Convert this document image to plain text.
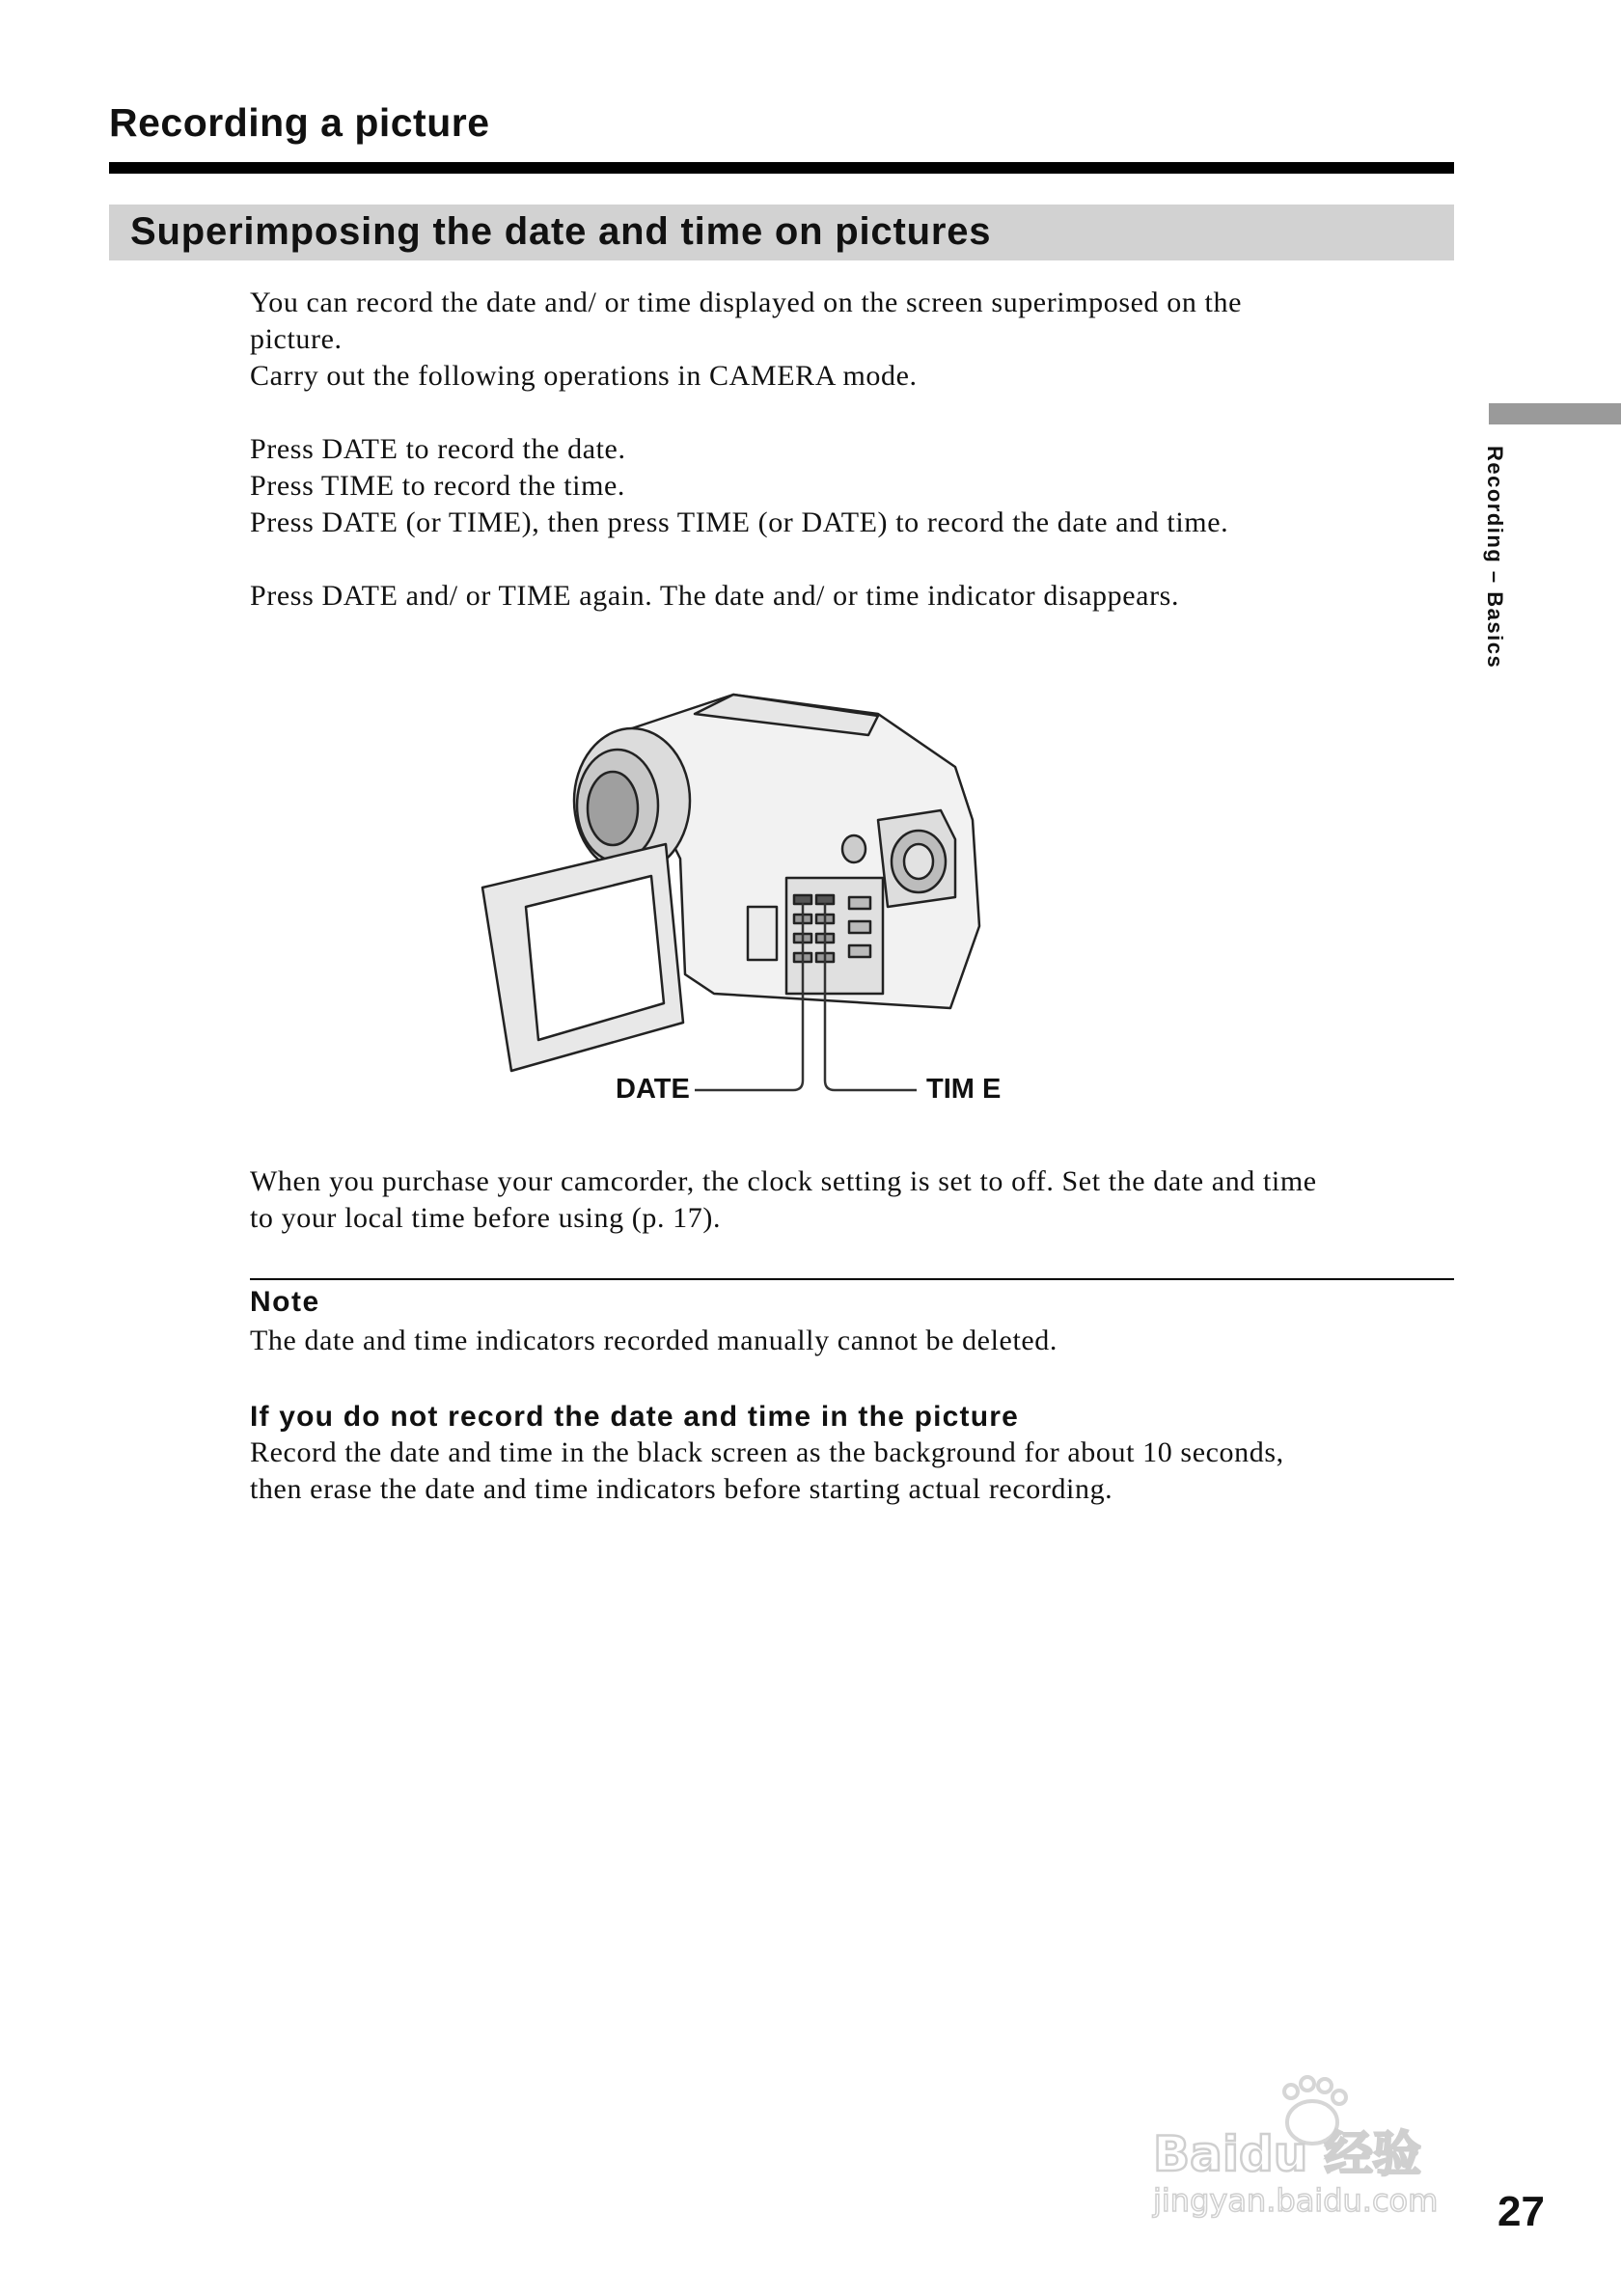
Recording a picture
Superimposing the date and time on pictures
Recording – Basics

You can record the date and/ or time displayed on the screen superimposed on the

picture.

Carry out the following operations in CAMERA mode.

Press DATE to record the date.

Press TIME to record the time.

Press DATE (or TIME), then press TIME (or DATE) to record the date and time.

Press DATE and/ or TIME again. The date and/ or time indicator disappears.

DATE	TIM E

When you purchase your camcorder, the clock setting is set to off. Set the date and time

to your local time before using (p. 17).

Note

The date and time indicators recorded manually cannot be deleted.

If you do not record the date and time in the picture

Record the date and time in the black screen as the background for about 10 seconds,

then erase the date and time indicators before starting actual recording.

Baidu 经验
jingyan.baidu.com 27
